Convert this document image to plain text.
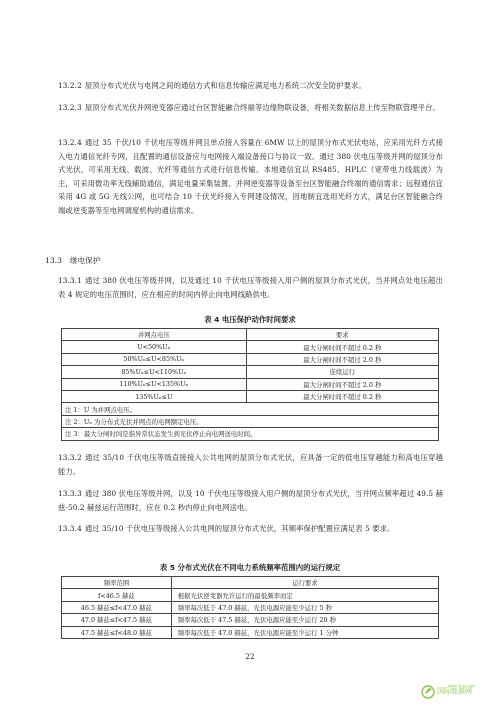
13.2.2 屋顶分布式光伏与电网之间的通信方式和信息传输应满足电力系统二次安全防护要求。
13.2.3 屋顶分布式光伏并网逆变器应通过台区智能融合终端等边缘物联设备，将相关数据信息上传至物联管理平台。
13.2.4 通过 35 千伏/10 千伏电压等级并网且单点接入容量在 6MW 以上的屋顶分布式光伏电站，应采用光纤方式接入电力通信光纤专网，且配置的通信设备应与电网接入端设备接口与协议一致。通过 380 伏电压等级并网的屋顶分布式光伏，可采用无线、载波、光纤等通信方式进行信息传输。本地通信宜以 RS485、HPLC（宽带电力线载波）为主，可采用微功率无线辅助通信，满足电量采集装置、并网逆变器等设备至台区智能融合终端的通信需求；远程通信宜采用 4G 或 5G 无线公网，也可结合 10 千伏光纤接入专网建设情况，因地制宜选用光纤方式，满足台区智能融合终端或逆变器等至电网调度机构的通信需求。
13.3 继电保护
13.3.1 通过 380 伏电压等级并网，以及通过 10 千伏电压等级接入用户侧的屋顶分布式光伏，当并网点处电压超出表 4 规定的电压范围时，应在相应的时间内停止向电网线路供电。
表 4 电压保护动作时间要求
并网点电压	要求
U<50%Uₙ	最大分闸时间不超过 0.2 秒
50%Uₙ≤U<85%Uₙ	最大分闸时间不超过 2.0 秒
85%Uₙ≤U<110%Uₙ	连续运行
110%Uₙ≤U<135%Uₙ	最大分闸时间不超过 2.0 秒
135%Uₙ≤U	最大分闸时间不超过 0.2 秒
注 1：U 为并网点电压。	
注 2：Uₙ 为分布式光伏并网点的电网额定电压。	
注 3：最大分闸时间是指异常状态发生到光伏停止向电网送电时间。	
13.3.2 通过 35/10 千伏电压等级直接接入公共电网的屋顶分布式光伏，应具备一定的低电压穿越能力和高电压穿越能力。
13.3.3 通过 380 伏电压等级并网，以及 10 千伏电压等级接入用户侧的屋顶分布式光伏，当并网点频率超过 49.5 赫兹-50.2 赫兹运行范围时，应在 0.2 秒内停止向电网送电。
13.3.4 通过 35/10 千伏电压等级接入公共电网的屋顶分布式光伏，其频率保护配置应满足表 5 要求。
表 5 分布式光伏在不同电力系统频率范围内的运行规定
频率范围	运行要求
f<46.5 赫兹	根据光伏逆变器允许运行的最低频率而定
46.5 赫兹≤f<47.0 赫兹	频率每次低于 47.0 赫兹，光伏电源应能至少运行 5 秒
47.0 赫兹≤f<47.5 赫兹	频率每次低于 47.5 赫兹，光伏电源应能至少运行 20 秒
47.5 赫兹≤f<48.0 赫兹	频率每次低于 47.0 赫兹，光伏电源应能至少运行 1 分钟
22
国际能源网
www.in-en.com
